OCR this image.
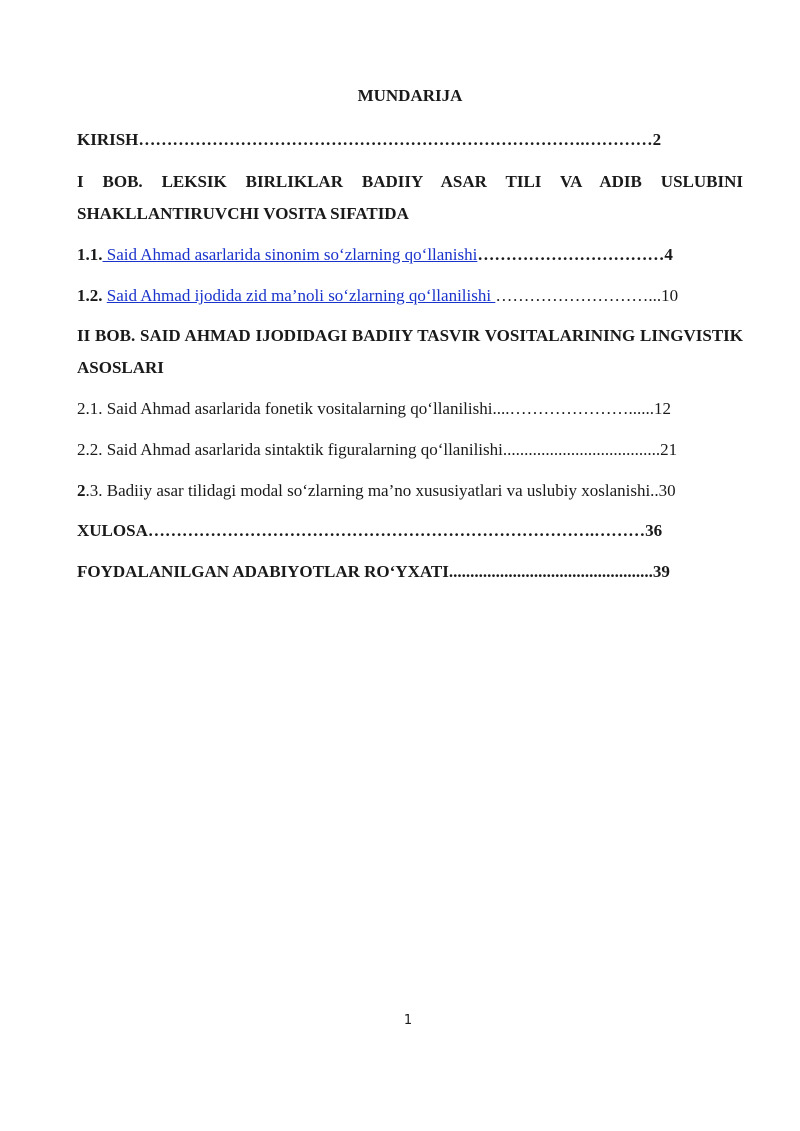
MUNDARIJA
KIRISH…………………………………………………………………….…………2
I BOB. LEKSIK BIRLIKLAR BADIIY ASAR TILI VA ADIB USLUBINI SHAKLLANTIRUVCHI VOSITA SIFATIDA
1.1. Said Ahmad asarlarida sinonim so‘zlarning qo‘llanishi……………………………4
1.2. Said Ahmad ijodida zid ma’noli so‘zlarning qo‘llanilishi ………………………...10
II BOB. SAID AHMAD IJODIDAGI BADIIY TASVIR VOSITALARINING LINGVISTIK ASOSLARI
2.1. Said Ahmad asarlarida fonetik vositalarning qo‘llanilishi....…………………......12
2.2. Said Ahmad asarlarida sintaktik figuralarning qo‘llanilishi.....................................21
2.3. Badiiy asar tilidagi modal so‘zlarning ma’no xususiyatlari va uslubiy xoslanishi..30
XULOSA…………………………………………………………………….………36
FOYDALANILGAN ADABIYOTLAR RO‘YXATI................................................39
1
